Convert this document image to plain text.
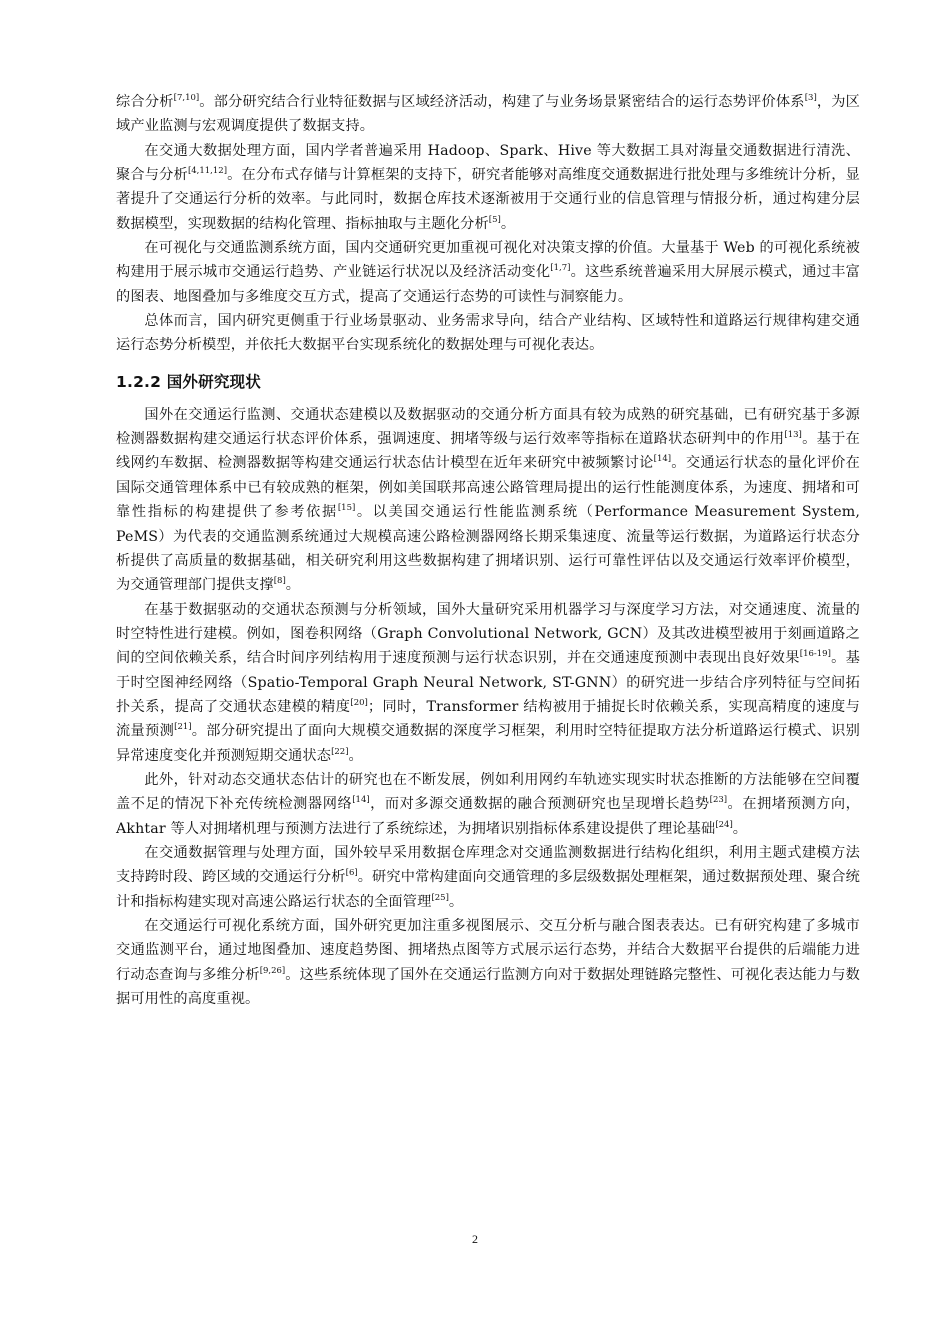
综合分析[7,10]。部分研究结合行业特征数据与区域经济活动，构建了与业务场景紧密结合的运行态势评价体系[3]，为区域产业监测与宏观调度提供了数据支持。

在交通大数据处理方面，国内学者普遍采用 Hadoop、Spark、Hive 等大数据工具对海量交通数据进行清洗、聚合与分析[4,11,12]。在分布式存储与计算框架的支持下，研究者能够对高维度交通数据进行批处理与多维统计分析，显著提升了交通运行分析的效率。与此同时，数据仓库技术逐渐被用于交通行业的信息管理与情报分析，通过构建分层数据模型，实现数据的结构化管理、指标抽取与主题化分析[5]。

在可视化与交通监测系统方面，国内交通研究更加重视可视化对决策支撑的价值。大量基于 Web 的可视化系统被构建用于展示城市交通运行趋势、产业链运行状况以及经济活动变化[1,7]。这些系统普遍采用大屏展示模式，通过丰富的图表、地图叠加与多维度交互方式，提高了交通运行态势的可读性与洞察能力。

总体而言，国内研究更侧重于行业场景驱动、业务需求导向，结合产业结构、区域特性和道路运行规律构建交通运行态势分析模型，并依托大数据平台实现系统化的数据处理与可视化表达。

1.2.2 国外研究现状

国外在交通运行监测、交通状态建模以及数据驱动的交通分析方面具有较为成熟的研究基础，已有研究基于多源检测器数据构建交通运行状态评价体系，强调速度、拥堵等级与运行效率等指标在道路状态研判中的作用[13]。基于在线网约车数据、检测器数据等构建交通运行状态估计模型在近年来研究中被频繁讨论[14]。交通运行状态的量化评价在国际交通管理体系中已有较成熟的框架，例如美国联邦高速公路管理局提出的运行性能测度体系，为速度、拥堵和可靠性指标的构建提供了参考依据[15]。以美国交通运行性能监测系统（Performance Measurement System, PeMS）为代表的交通监测系统通过大规模高速公路检测器网络长期采集速度、流量等运行数据，为道路运行状态分析提供了高质量的数据基础，相关研究利用这些数据构建了拥堵识别、运行可靠性评估以及交通运行效率评价模型，为交通管理部门提供支撑[8]。

在基于数据驱动的交通状态预测与分析领域，国外大量研究采用机器学习与深度学习方法，对交通速度、流量的时空特性进行建模。例如，图卷积网络（Graph Convolutional Network, GCN）及其改进模型被用于刻画道路之间的空间依赖关系，结合时间序列结构用于速度预测与运行状态识别，并在交通速度预测中表现出良好效果[16-19]。基于时空图神经网络（Spatio-Temporal Graph Neural Network, ST-GNN）的研究进一步结合序列特征与空间拓扑关系，提高了交通状态建模的精度[20]；同时，Transformer 结构被用于捕捉长时依赖关系，实现高精度的速度与流量预测[21]。部分研究提出了面向大规模交通数据的深度学习框架，利用时空特征提取方法分析道路运行模式、识别异常速度变化并预测短期交通状态[22]。

此外，针对动态交通状态估计的研究也在不断发展，例如利用网约车轨迹实现实时状态推断的方法能够在空间覆盖不足的情况下补充传统检测器网络[14]，而对多源交通数据的融合预测研究也呈现增长趋势[23]。在拥堵预测方向，Akhtar 等人对拥堵机理与预测方法进行了系统综述，为拥堵识别指标体系建设提供了理论基础[24]。

在交通数据管理与处理方面，国外较早采用数据仓库理念对交通监测数据进行结构化组织，利用主题式建模方法支持跨时段、跨区域的交通运行分析[6]。研究中常构建面向交通管理的多层级数据处理框架，通过数据预处理、聚合统计和指标构建实现对高速公路运行状态的全面管理[25]。

在交通运行可视化系统方面，国外研究更加注重多视图展示、交互分析与融合图表表达。已有研究构建了多城市交通监测平台，通过地图叠加、速度趋势图、拥堵热点图等方式展示运行态势，并结合大数据平台提供的后端能力进行动态查询与多维分析[9,26]。这些系统体现了国外在交通运行监测方向对于数据处理链路完整性、可视化表达能力与数据可用性的高度重视。

2
